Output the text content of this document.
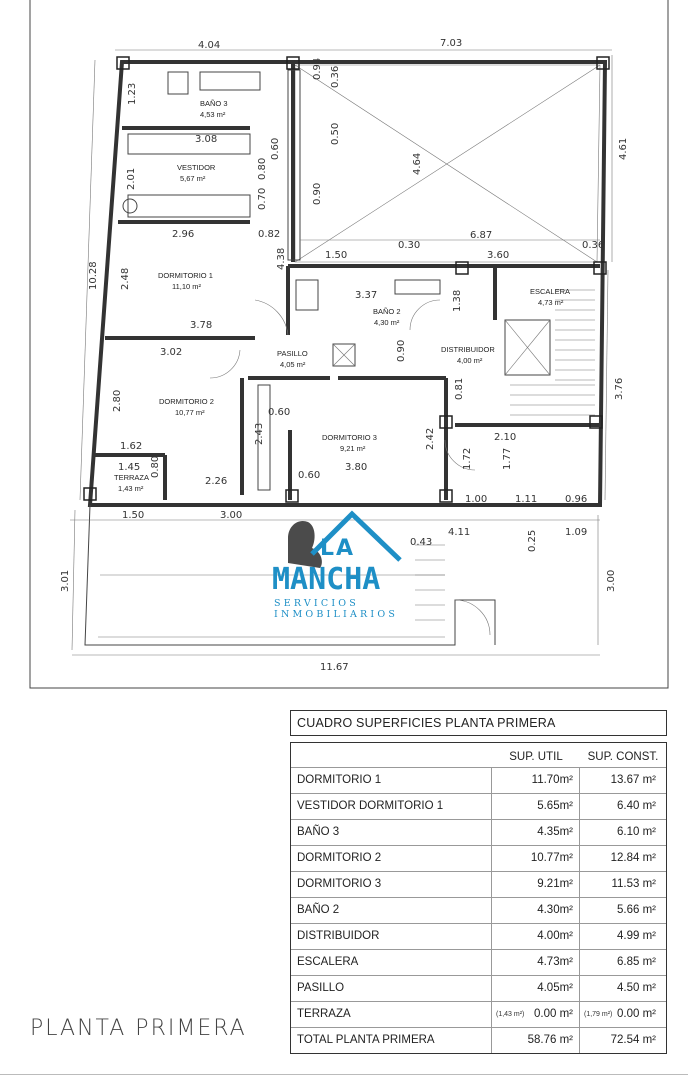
4.04	7.03
4.61
10.28
1.23
3.08
2.01
2.96	0.82
2.48
3.78
3.02
2.80
1.62
1.45 0.80
2.26
1.50	3.00
2.43
0.60
3.80
0.60
2.42
1.72	1.77
2.10
1.00	1.11	0.96
4.11	0.25	1.09
3.76
3.01	3.00
11.67
1.50
0.30
6.87
3.60
0.36
3.37	1.38
0.90
0.81
4.64
0.94 0.36
0.50
0.60
0.80
0.70
4.38
0.90
0.43
BAÑO 3
4,53 m²
VESTIDOR
5,67 m²
DORMITORIO 1
11,10 m²
BAÑO 2
4,30 m²
ESCALERA
4,73 m²
PASILLO
4,05 m²
DISTRIBUIDOR
4,00 m²
DORMITORIO 2
10,77 m²
DORMITORIO 3
9,21 m²
TERRAZA
1,43 m²
LA
MANCHA
SERVICIOS
INMOBILIARIOS
CUADRO SUPERFICIES PLANTA PRIMERA
SUP. UTIL	SUP. CONST.
DORMITORIO 1	11.70m²	13.67 m²
VESTIDOR DORMITORIO 1	5.65m²	6.40 m²
BAÑO 3	4.35m²	6.10 m²
DORMITORIO 2	10.77m²	12.84 m²
DORMITORIO 3	9.21m²	11.53 m²
BAÑO 2	4.30m²	5.66 m²
DISTRIBUIDOR	4.00m²	4.99 m²
ESCALERA	4.73m²	6.85 m²
PASILLO	4.05m²	4.50 m²
TERRAZA	(1,43 m²) 0.00 m²	(1,79 m²) 0.00 m²
TOTAL PLANTA PRIMERA	58.76 m²	72.54 m²
PLANTA PRIMERA
